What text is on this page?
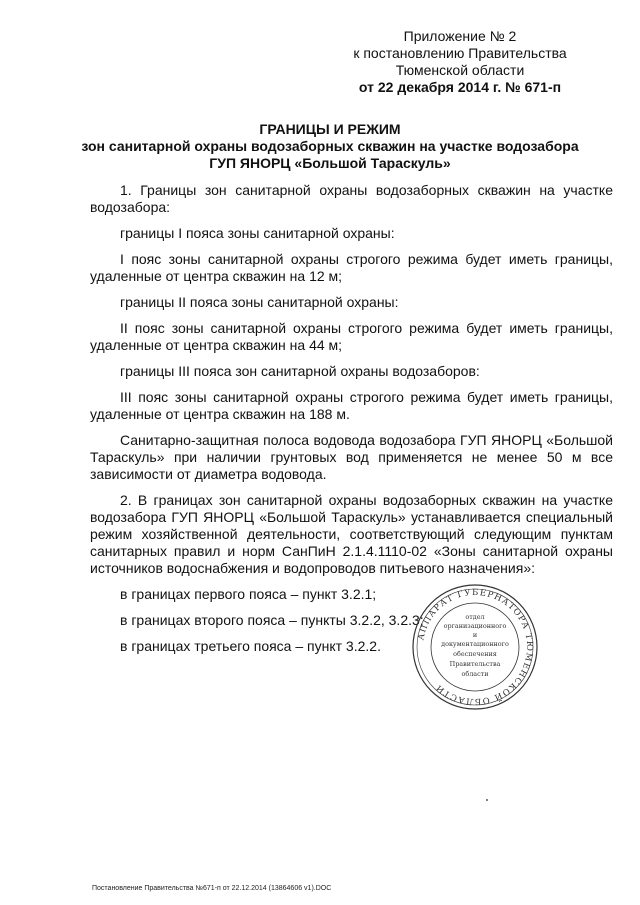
Приложение № 2
к постановлению Правительства
Тюменской области
от 22 декабря 2014 г. № 671-п
ГРАНИЦЫ И РЕЖИМ
зон санитарной охраны водозаборных скважин на участке водозабора
ГУП ЯНОРЦ «Большой Тараскуль»

1. Границы зон санитарной охраны водозаборных скважин на участке водозабора:

границы I пояса зоны санитарной охраны:

I пояс зоны санитарной охраны строгого режима будет иметь границы, удаленные от центра скважин на 12 м;

границы II пояса зоны санитарной охраны:

II пояс зоны санитарной охраны строгого режима будет иметь границы, удаленные от центра скважин на 44 м;

границы III пояса зон санитарной охраны водозаборов:

III пояс зоны санитарной охраны строгого режима будет иметь границы, удаленные от центра скважин на 188 м.

Санитарно-защитная полоса водовода водозабора ГУП ЯНОРЦ «Большой Тараскуль» при наличии грунтовых вод применяется не менее 50 м все зависимости от диаметра водовода.

2. В границах зон санитарной охраны водозаборных скважин на участке водозабора ГУП ЯНОРЦ «Большой Тараскуль» устанавливается специальный режим хозяйственной деятельности, соответствующий следующим пунктам санитарных правил и норм СанПиН 2.1.4.1110-02 «Зоны санитарной охраны источников водоснабжения и водопроводов питьевого назначения»:

в границах первого пояса – пункт 3.2.1;

в границах второго пояса – пункты 3.2.2, 3.2.3;

в границах третьего пояса – пункт 3.2.2.

АППАРАТ ГУБЕРНАТОРА ТЮМЕНСКОЙ ОБЛАСТИ
отдел
организационного
и
документационного
обеспечения
Правительства
области
Постановление Правительства №671-п от 22.12.2014 (13864606 v1).DOC
